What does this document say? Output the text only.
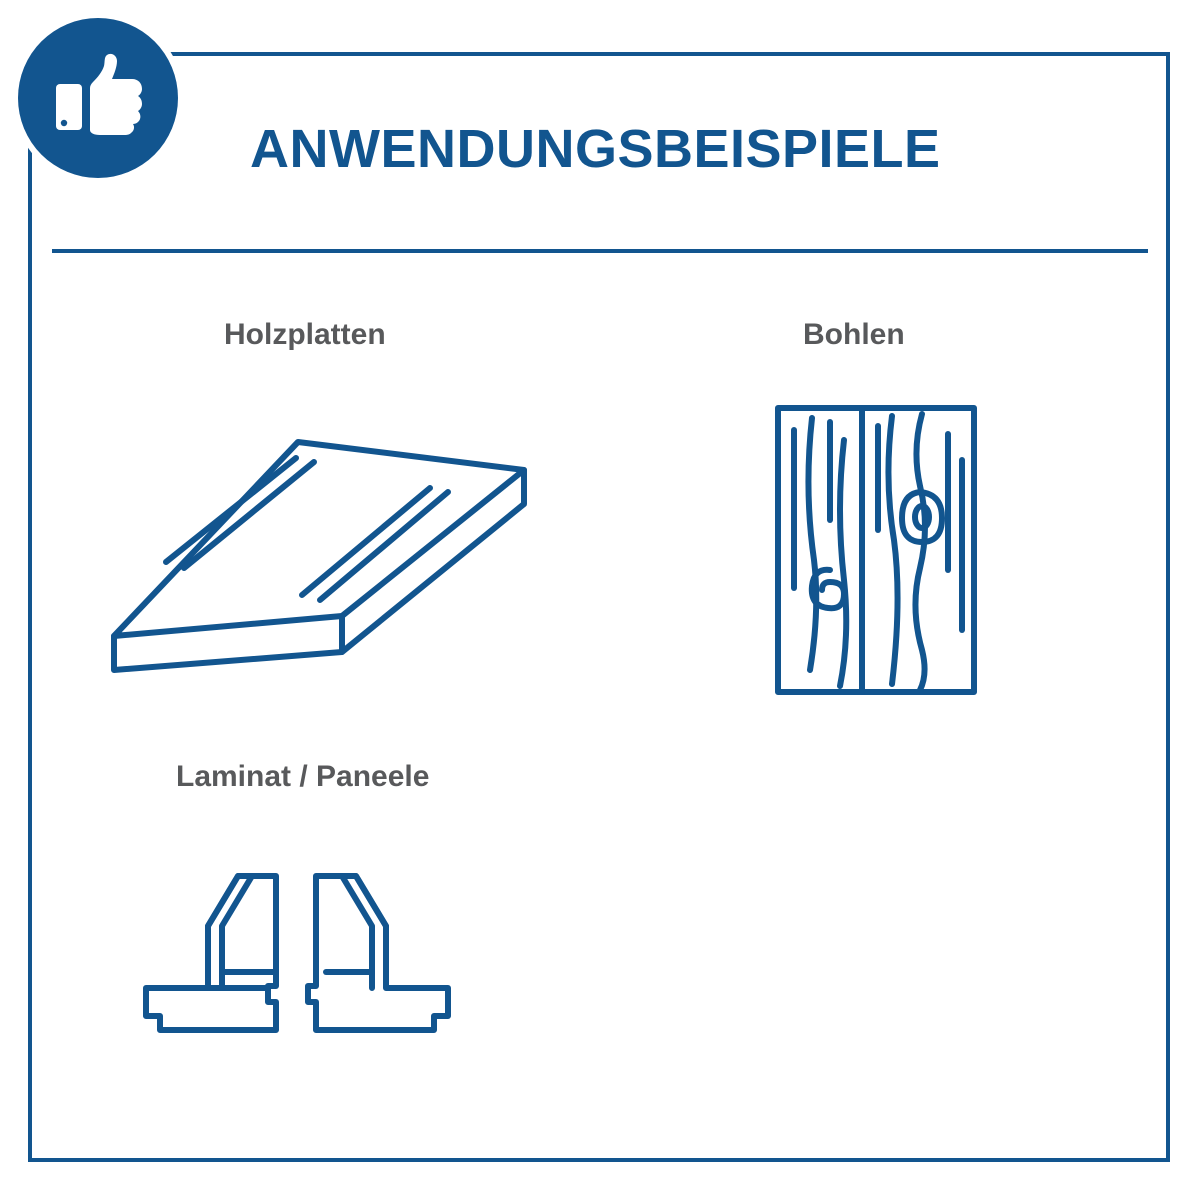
ANWENDUNGSBEISPIELE
Holzplatten	Bohlen
Laminat / Paneele
